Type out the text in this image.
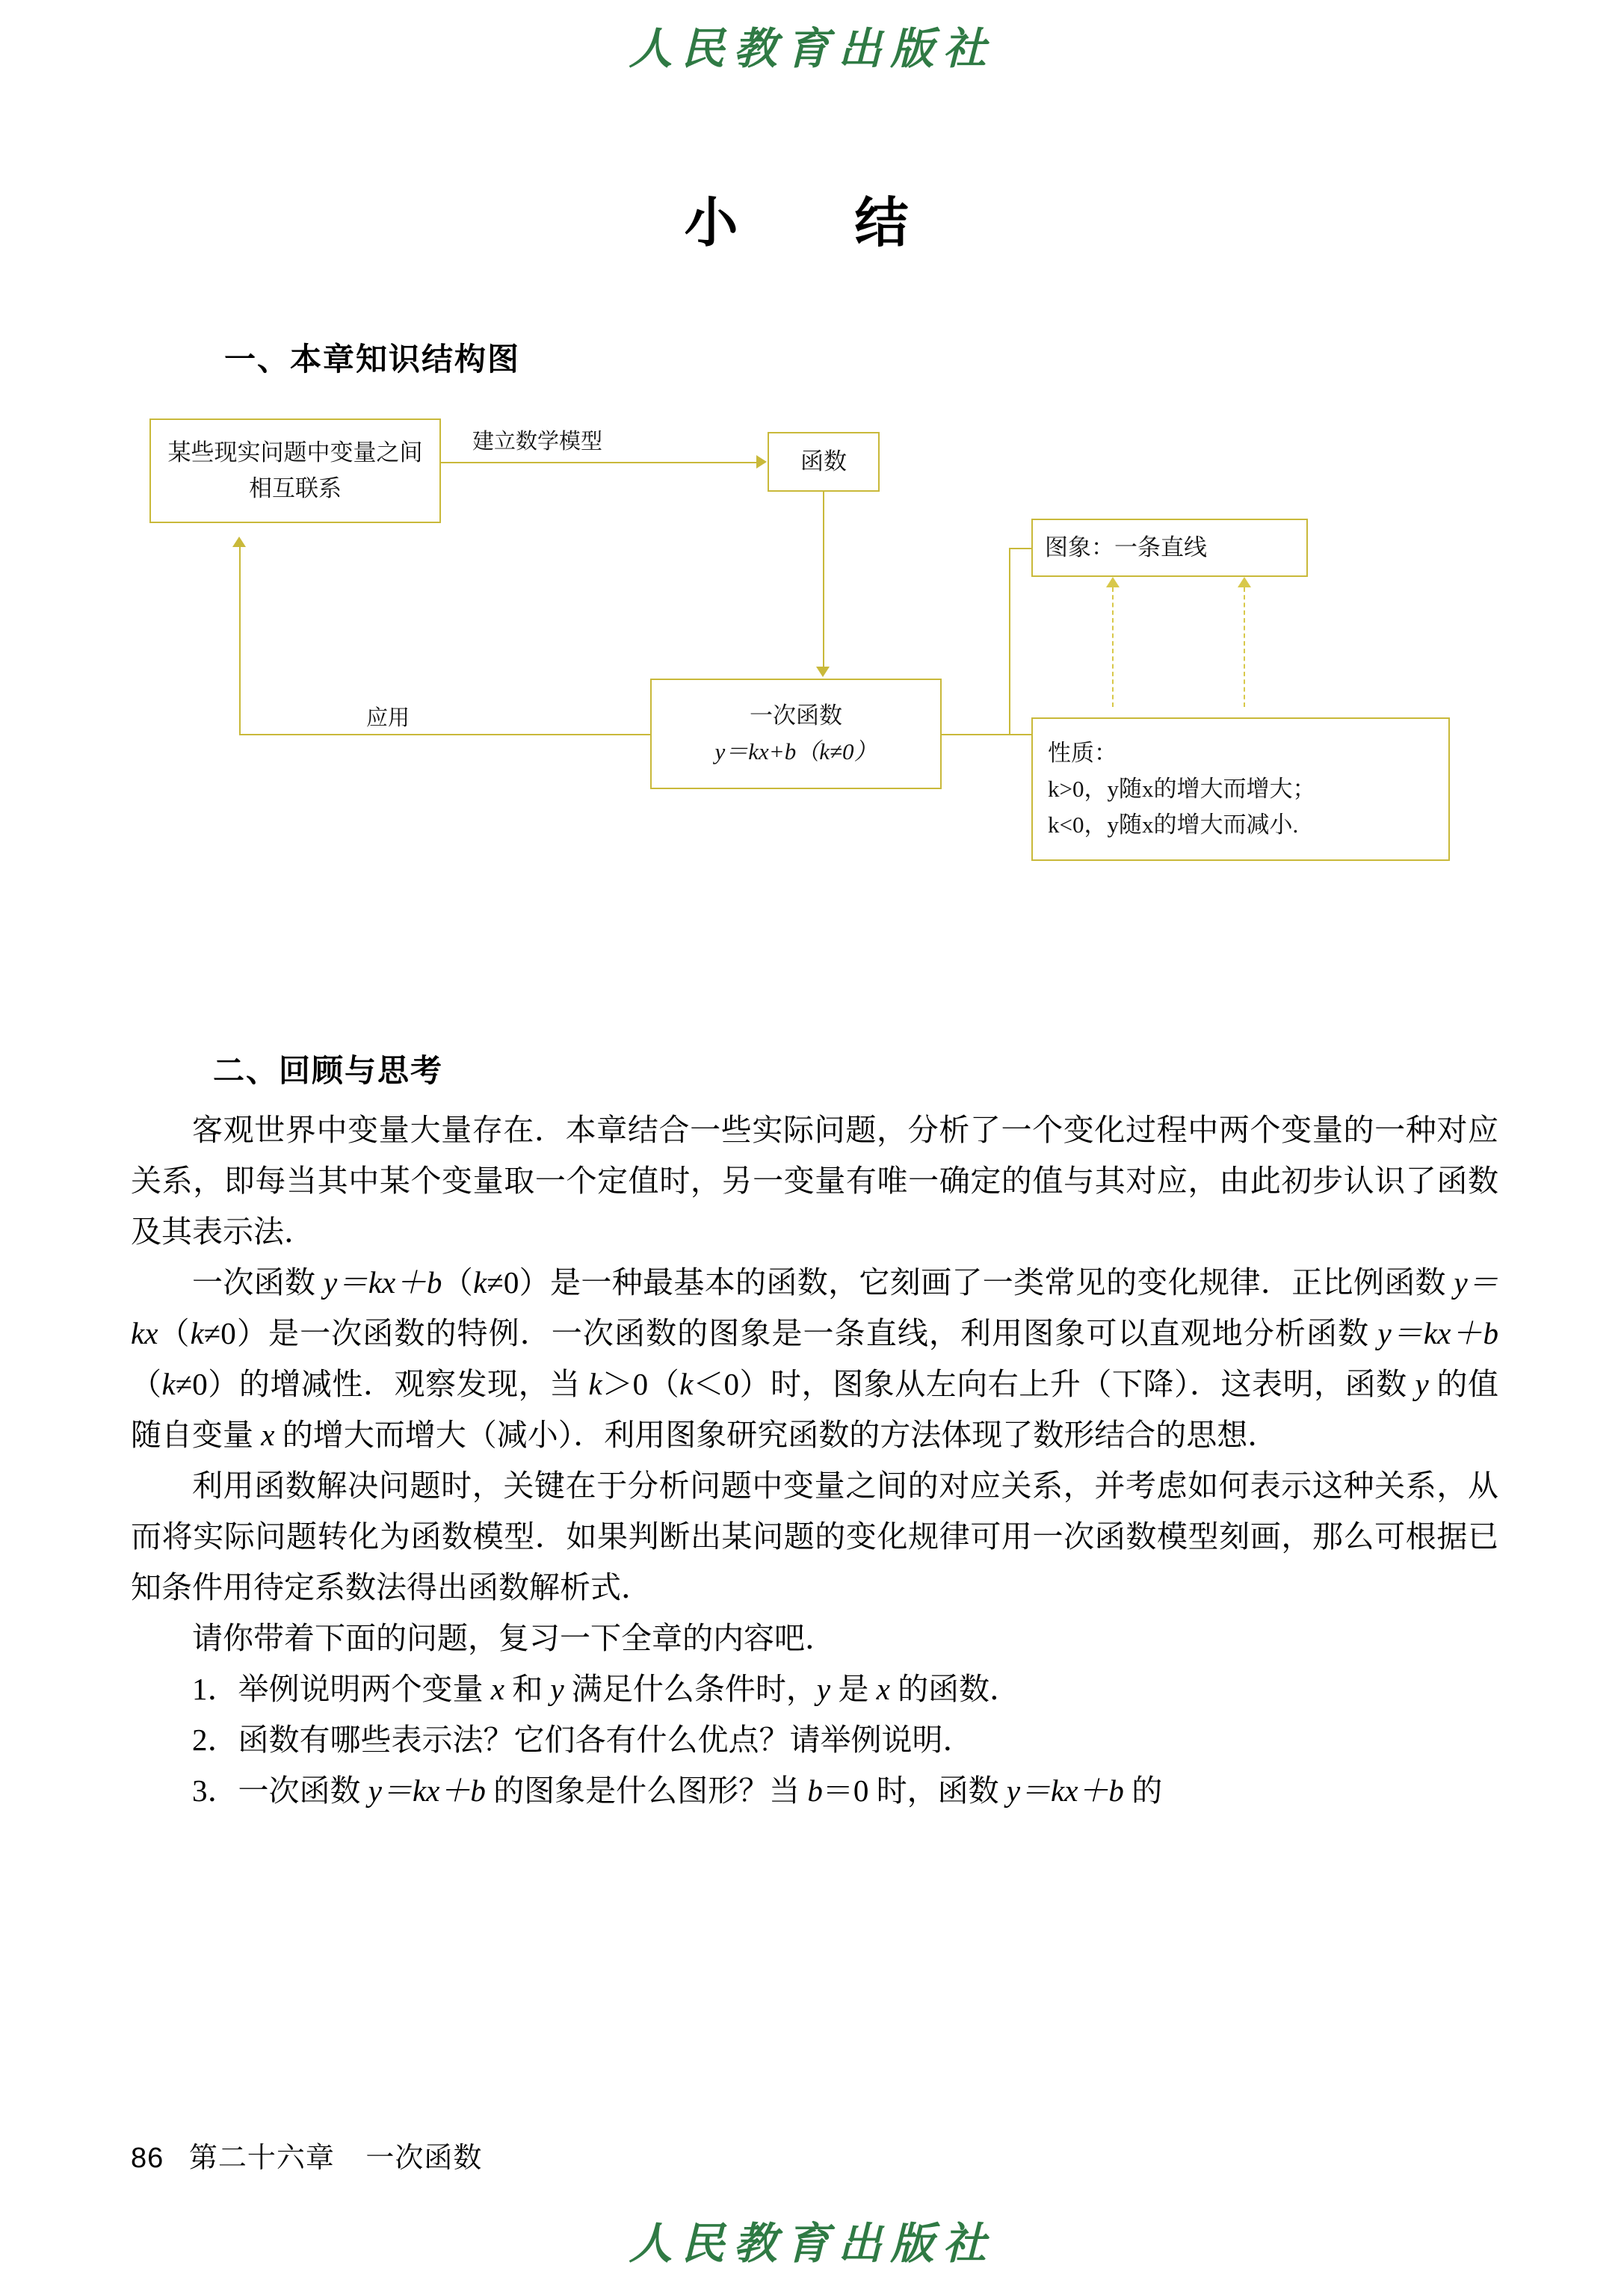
人民教育出版社
小　结
一、本章知识结构图
某些现实问题中变量之间相互联系
函数
一次函数
y＝kx+b（k≠0）
图象：一条直线
性质：
k>0，y随x的增大而增大；
k<0，y随x的增大而减小.
建立数学模型
应用
二、回顾与思考

客观世界中变量大量存在．本章结合一些实际问题，分析了一个变化过程中两个变量的一种对应关系，即每当其中某个变量取一个定值时，另一变量有唯一确定的值与其对应，由此初步认识了函数及其表示法．

一次函数 y＝kx＋b（k≠0）是一种最基本的函数，它刻画了一类常见的变化规律．正比例函数 y＝kx（k≠0）是一次函数的特例．一次函数的图象是一条直线，利用图象可以直观地分析函数 y＝kx＋b（k≠0）的增减性．观察发现，当 k＞0（k＜0）时，图象从左向右上升（下降）．这表明，函数 y 的值随自变量 x 的增大而增大（减小）．利用图象研究函数的方法体现了数形结合的思想．

利用函数解决问题时，关键在于分析问题中变量之间的对应关系，并考虑如何表示这种关系，从而将实际问题转化为函数模型．如果判断出某问题的变化规律可用一次函数模型刻画，那么可根据已知条件用待定系数法得出函数解析式．

请你带着下面的问题，复习一下全章的内容吧．

1．举例说明两个变量 x 和 y 满足什么条件时，y 是 x 的函数．

2．函数有哪些表示法？它们各有什么优点？请举例说明．

3．一次函数 y＝kx＋b 的图象是什么图形？当 b＝0 时，函数 y＝kx＋b 的

86 第二十六章 一次函数
人民教育出版社
